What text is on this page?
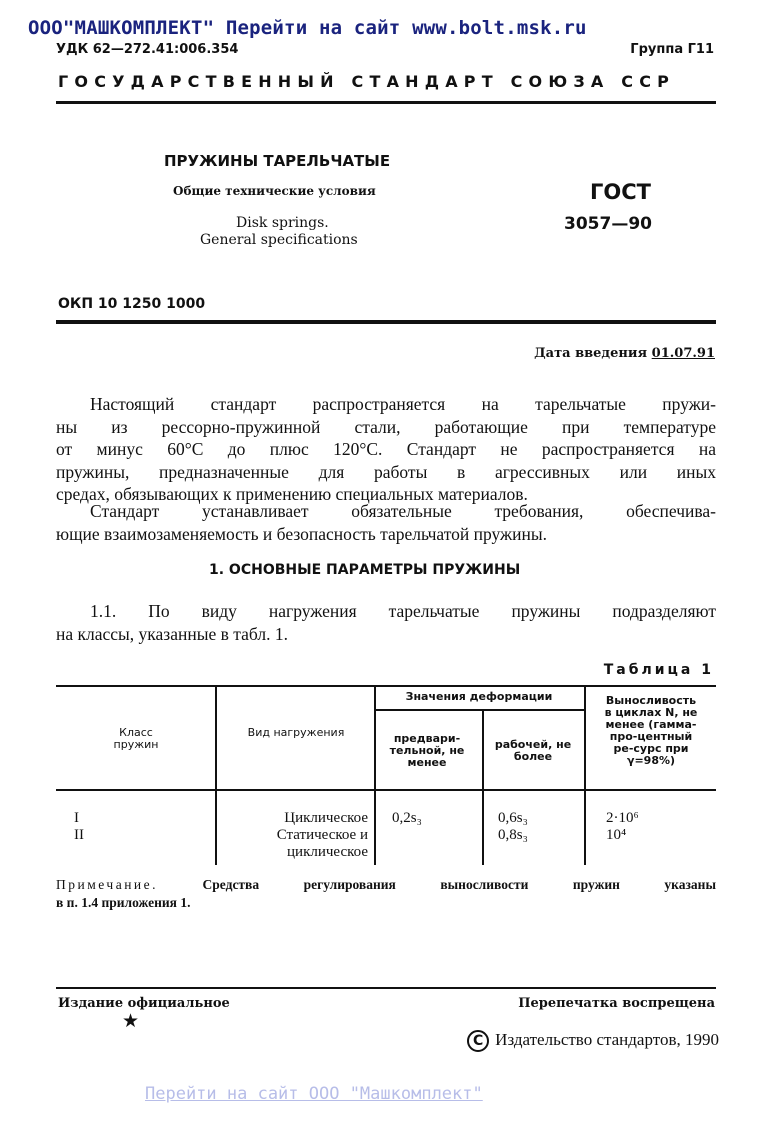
ООО"МАШКОМПЛЕКТ" Перейти на сайт www.bolt.msk.ru
УДК 62—272.41:006.354	Группа Г11
ГОСУДАРСТВЕННЫЙ СТАНДАРТ СОЮЗА ССР
ПРУЖИНЫ ТАРЕЛЬЧАТЫЕ
Общие технические условия
Disk springs.
General specifications
ГОСТ
3057—90
ОКП 10 1250 1000
Дата введения 01.07.91
Настоящий стандарт распространяется на тарельчатые пружи-
ны из рессорно-пружинной стали, работающие при температуре
от минус 60°С до плюс 120°С. Стандарт не распространяется на
пружины, предназначенные для работы в агрессивных или иных
средах, обязывающих к применению специальных материалов.
Стандарт устанавливает обязательные требования, обеспечива-
ющие взаимозаменяемость и безопасность тарельчатой пружины.
1. ОСНОВНЫЕ ПАРАМЕТРЫ ПРУЖИНЫ
1.1. По виду нагружения тарельчатые пружины подразделяют
на классы, указанные в табл. 1.
Таблица 1
Класс пружин
Вид нагружения
Значения деформации
предвари-тельной, не менее
рабочей, не более
Выносливость в циклах N, не менее (гамма-про-центный ре-сурс при γ=98%)
I
II
Циклическое
Статическое и циклическое
0,2s₃	0,6s₃
0,8s₃
2·10⁶
10⁴
Примечание. Средства регулирования выносливости пружин указаны
в п. 1.4 приложения 1.
Издание официальное
★
Перепечатка воспрещена
C Издательство стандартов, 1990
Перейти на сайт ООО "Машкомплект"
